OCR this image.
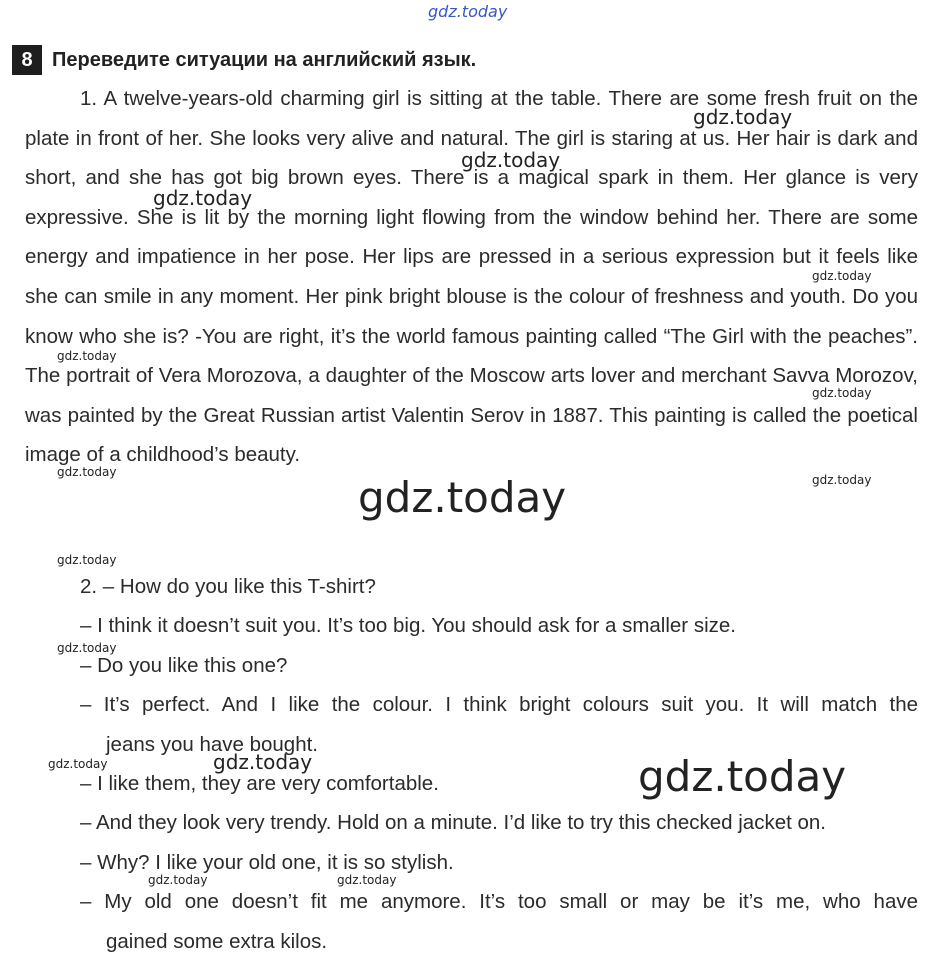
gdz.today
gdz.today
gdz.today
gdz.today
gdz.today
gdz.today
gdz.today
gdz.today
gdz.today
gdz.today
gdz.today
gdz.today
gdz.today	gdz.today	gdz.today
gdz.today	gdz.today
8 Переведите ситуации на английский язык.

1. A twelve-years-old charming girl is sitting at the table. There are some fresh fruit on the plate in front of her. She looks very alive and natural. The girl is staring at us. Her hair is dark and short, and she has got big brown eyes. There is a magical spark in them. Her glance is very expressive. She is lit by the morning light flowing from the window behind her. There are some energy and impatience in her pose. Her lips are pressed in a serious expression but it feels like she can smile in any moment. Her pink bright blouse is the colour of freshness and youth. Do you know who she is? -You are right, it’s the world famous painting called “The Girl with the peaches”. The portrait of Vera Morozova, a daughter of the Moscow arts lover and merchant Savva Morozov, was painted by the Great Russian artist Valentin Serov in 1887. This painting is called the poetical image of a childhood’s beauty.

2. – How do you like this T-shirt?

– I think it doesn’t suit you. It’s too big. You should ask for a smaller size.

– Do you like this one?

– It’s perfect. And I like the colour. I think bright colours suit you. It will match the

jeans you have bought.

– I like them, they are very comfortable.

– And they look very trendy. Hold on a minute. I’d like to try this checked jacket on.

– Why? I like your old one, it is so stylish.

– My old one doesn’t fit me anymore. It’s too small or may be it’s me, who have

gained some extra kilos.
